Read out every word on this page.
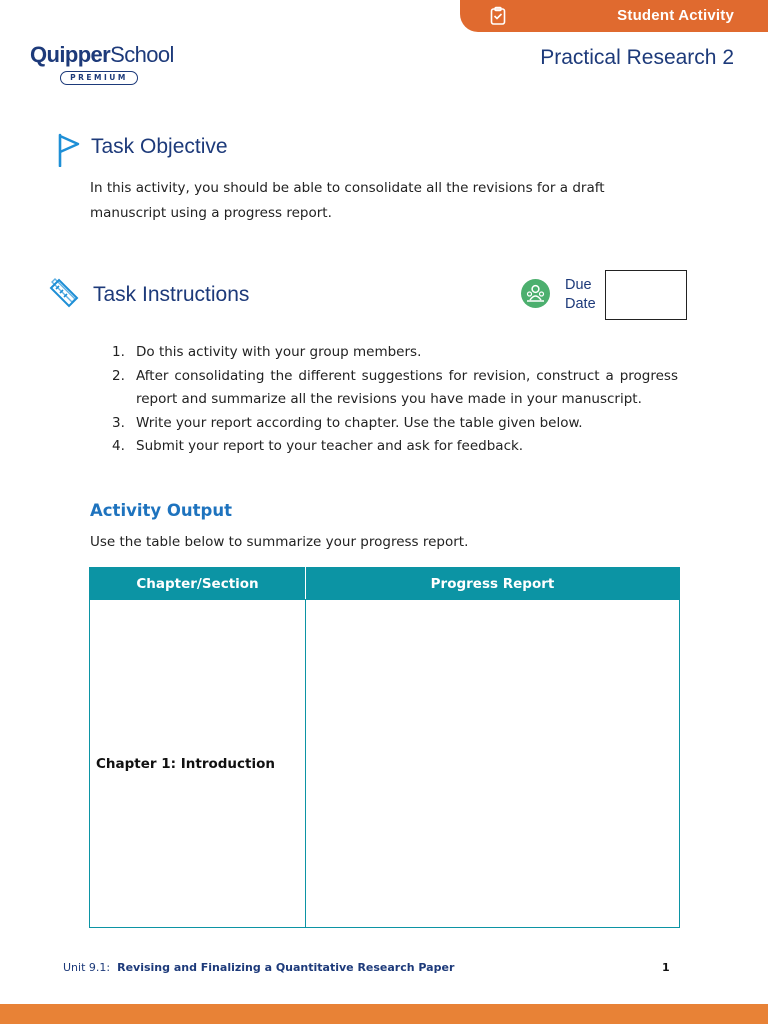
Student Activity
QuipperSchool
PREMIUM
Practical Research 2
Task Objective

In this activity, you should be able to consolidate all the revisions for a draft manuscript using a progress report.

Task Instructions	Due
Date
1. Do this activity with your group members.
2. After consolidating the different suggestions for revision, construct a progress report and summarize all the revisions you have made in your manuscript.
3. Write your report according to chapter. Use the table given below.
4. Submit your report to your teacher and ask for feedback.
Activity Output

Use the table below to summarize your progress report.

Chapter/Section	Progress Report
Chapter 1: Introduction	
Unit 9.1: Revising and Finalizing a Quantitative Research Paper	1
